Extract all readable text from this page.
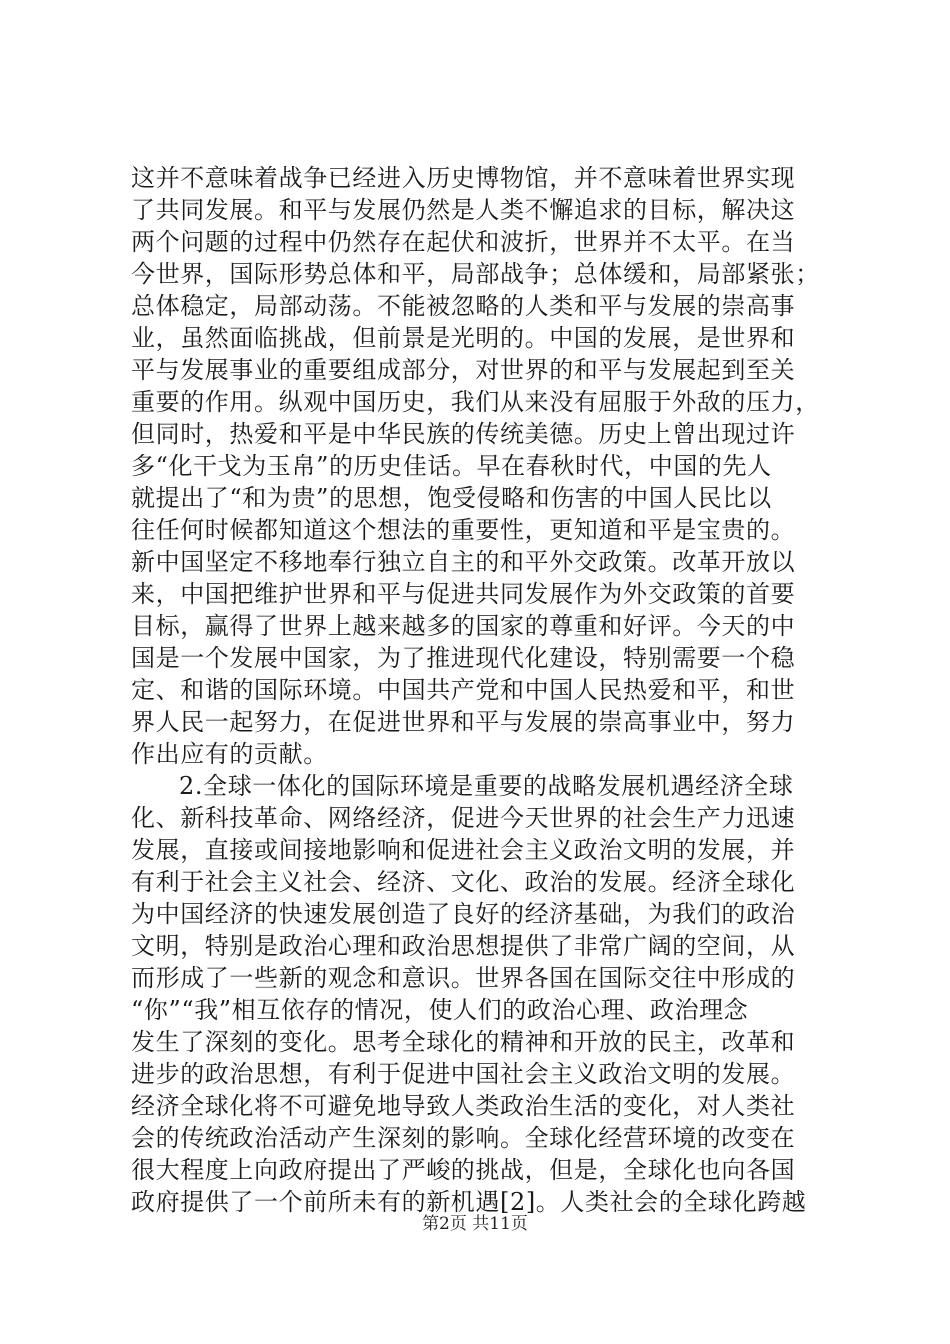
这并不意味着战争已经进入历史博物馆，并不意味着世界实现
了共同发展。和平与发展仍然是人类不懈追求的目标，解决这
两个问题的过程中仍然存在起伏和波折，世界并不太平。在当
今世界，国际形势总体和平，局部战争；总体缓和，局部紧张；
总体稳定，局部动荡。不能被忽略的人类和平与发展的崇高事
业，虽然面临挑战，但前景是光明的。中国的发展，是世界和
平与发展事业的重要组成部分，对世界的和平与发展起到至关
重要的作用。纵观中国历史，我们从来没有屈服于外敌的压力，
但同时，热爱和平是中华民族的传统美德。历史上曾出现过许
多“化干戈为玉帛”的历史佳话。早在春秋时代，中国的先人
就提出了“和为贵”的思想，饱受侵略和伤害的中国人民比以
往任何时候都知道这个想法的重要性，更知道和平是宝贵的。
新中国坚定不移地奉行独立自主的和平外交政策。改革开放以
来，中国把维护世界和平与促进共同发展作为外交政策的首要
目标，赢得了世界上越来越多的国家的尊重和好评。今天的中
国是一个发展中国家，为了推进现代化建设，特别需要一个稳
定、和谐的国际环境。中国共产党和中国人民热爱和平，和世
界人民一起努力，在促进世界和平与发展的崇高事业中，努力
作出应有的贡献。
2.全球一体化的国际环境是重要的战略发展机遇经济全球
化、新科技革命、网络经济，促进今天世界的社会生产力迅速
发展，直接或间接地影响和促进社会主义政治文明的发展，并
有利于社会主义社会、经济、文化、政治的发展。经济全球化
为中国经济的快速发展创造了良好的经济基础，为我们的政治
文明，特别是政治心理和政治思想提供了非常广阔的空间，从
而形成了一些新的观念和意识。世界各国在国际交往中形成的
“你”“我”相互依存的情况，使人们的政治心理、政治理念
发生了深刻的变化。思考全球化的精神和开放的民主，改革和
进步的政治思想，有利于促进中国社会主义政治文明的发展。
经济全球化将不可避免地导致人类政治生活的变化，对人类社
会的传统政治活动产生深刻的影响。全球化经营环境的改变在
很大程度上向政府提出了严峻的挑战，但是，全球化也向各国
政府提供了一个前所未有的新机遇[2]。人类社会的全球化跨越
第2页 共11页
